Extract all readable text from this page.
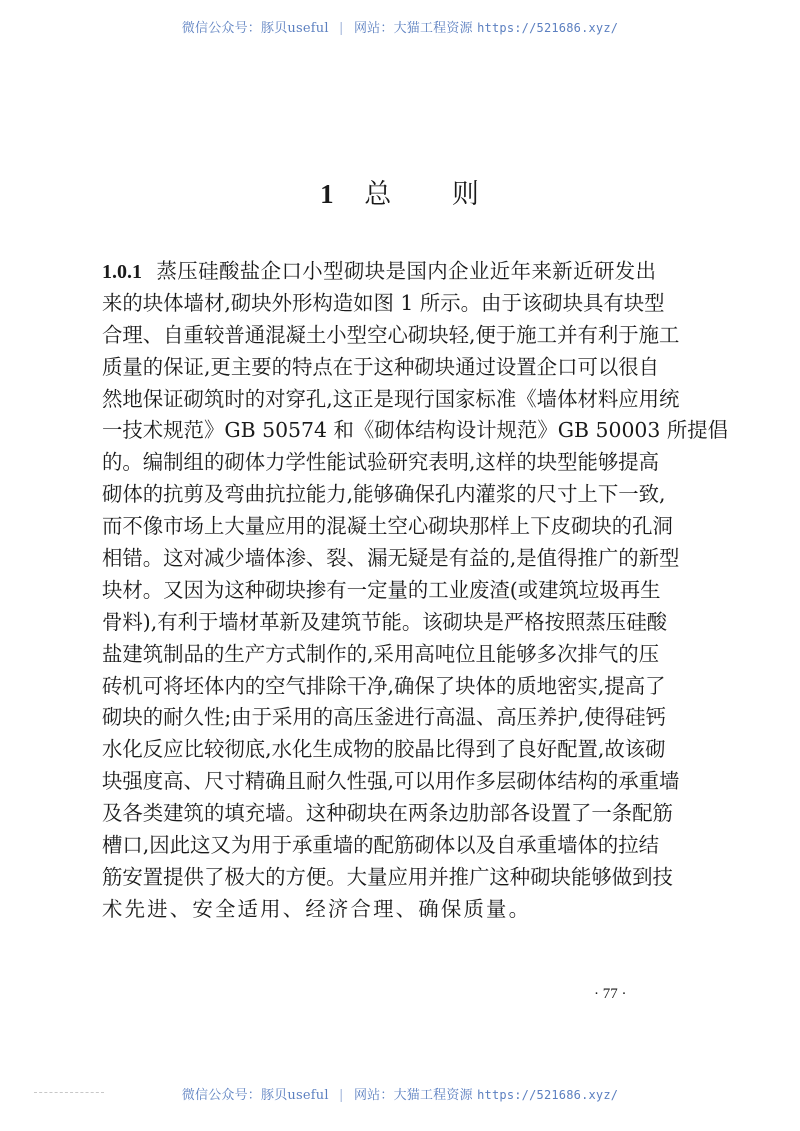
微信公众号：豚贝useful | 网站：大猫工程资源 https://521686.xyz/
1 总 则
1.0.1 蒸压硅酸盐企口小型砌块是国内企业近年来新近研发出
来的块体墙材,砌块外形构造如图 1 所示。由于该砌块具有块型
合理、自重较普通混凝土小型空心砌块轻,便于施工并有利于施工
质量的保证,更主要的特点在于这种砌块通过设置企口可以很自
然地保证砌筑时的对穿孔,这正是现行国家标准《墙体材料应用统
一技术规范》GB 50574 和《砌体结构设计规范》GB 50003 所提倡
的。编制组的砌体力学性能试验研究表明,这样的块型能够提高
砌体的抗剪及弯曲抗拉能力,能够确保孔内灌浆的尺寸上下一致,
而不像市场上大量应用的混凝土空心砌块那样上下皮砌块的孔洞
相错。这对减少墙体渗、裂、漏无疑是有益的,是值得推广的新型
块材。又因为这种砌块掺有一定量的工业废渣(或建筑垃圾再生
骨料),有利于墙材革新及建筑节能。该砌块是严格按照蒸压硅酸
盐建筑制品的生产方式制作的,采用高吨位且能够多次排气的压
砖机可将坯体内的空气排除干净,确保了块体的质地密实,提高了
砌块的耐久性;由于采用的高压釜进行高温、高压养护,使得硅钙
水化反应比较彻底,水化生成物的胶晶比得到了良好配置,故该砌
块强度高、尺寸精确且耐久性强,可以用作多层砌体结构的承重墙
及各类建筑的填充墙。这种砌块在两条边肋部各设置了一条配筋
槽口,因此这又为用于承重墙的配筋砌体以及自承重墙体的拉结
筋安置提供了极大的方便。大量应用并推广这种砌块能够做到技
术先进、安全适用、经济合理、确保质量。
· 77 ·
微信公众号：豚贝useful | 网站：大猫工程资源 https://521686.xyz/
